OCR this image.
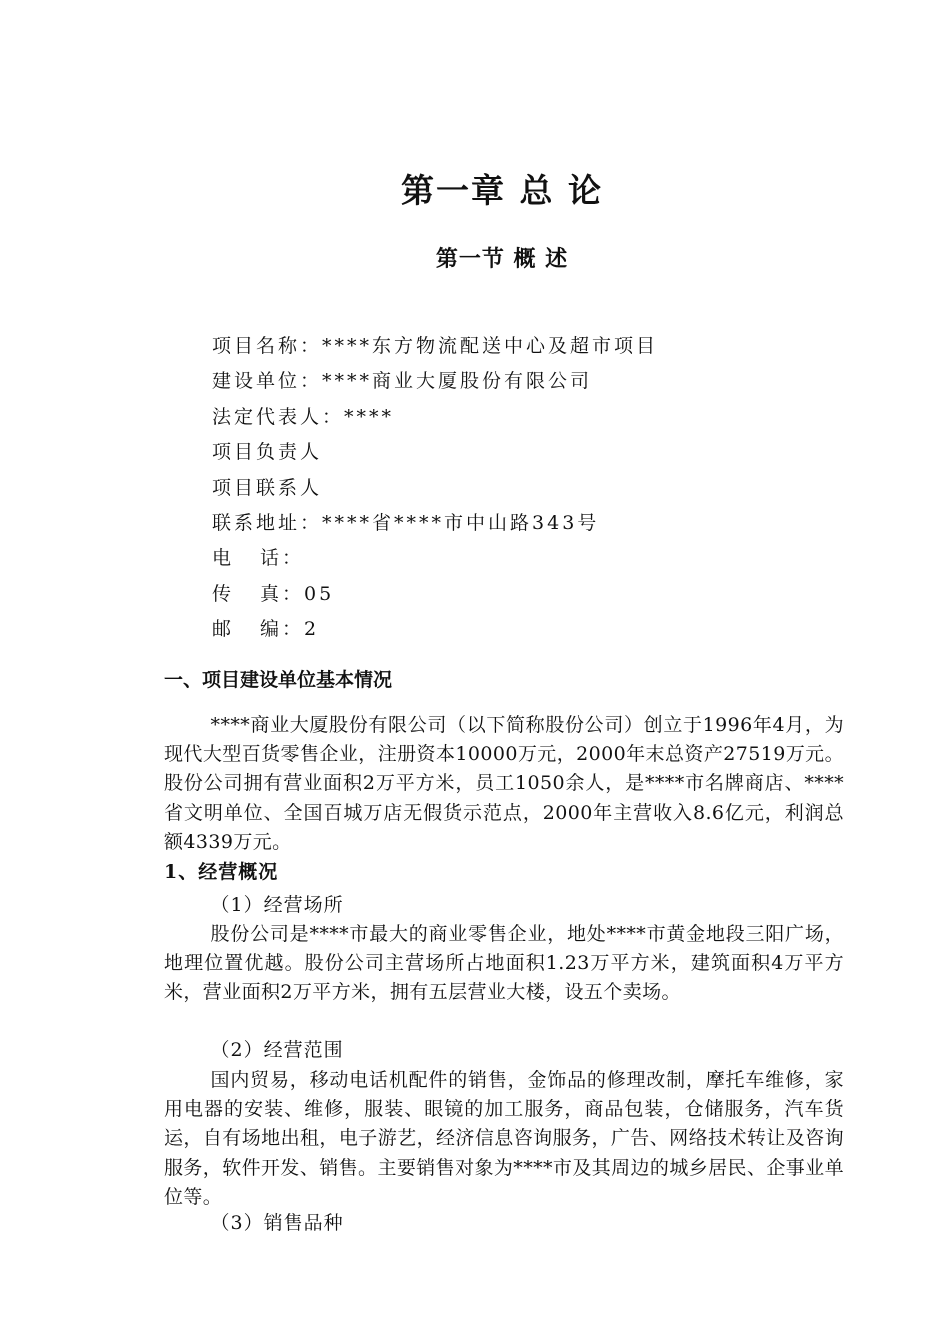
第一章 总 论
第一节 概 述
项目名称：****东方物流配送中心及超市项目
建设单位：****商业大厦股份有限公司
法定代表人：****
项目负责人
项目联系人
联系地址：****省****市中山路343号
电话：
传真：05
邮编：2
一、项目建设单位基本情况

****商业大厦股份有限公司（以下简称股份公司）创立于1996年4月，为现代大型百货零售企业，注册资本10000万元，2000年末总资产27519万元。股份公司拥有营业面积2万平方米，员工1050余人，是****市名牌商店、****省文明单位、全国百城万店无假货示范点，2000年主营收入8.6亿元，利润总额4339万元。

1、经营概况

（1）经营场所

股份公司是****市最大的商业零售企业，地处****市黄金地段三阳广场，地理位置优越。股份公司主营场所占地面积1.23万平方米，建筑面积4万平方米，营业面积2万平方米，拥有五层营业大楼，设五个卖场。

（2）经营范围

国内贸易，移动电话机配件的销售，金饰品的修理改制，摩托车维修，家用电器的安装、维修，服装、眼镜的加工服务，商品包装，仓储服务，汽车货运，自有场地出租，电子游艺，经济信息咨询服务，广告、网络技术转让及咨询服务，软件开发、销售。主要销售对象为****市及其周边的城乡居民、企事业单位等。

（3）销售品种
